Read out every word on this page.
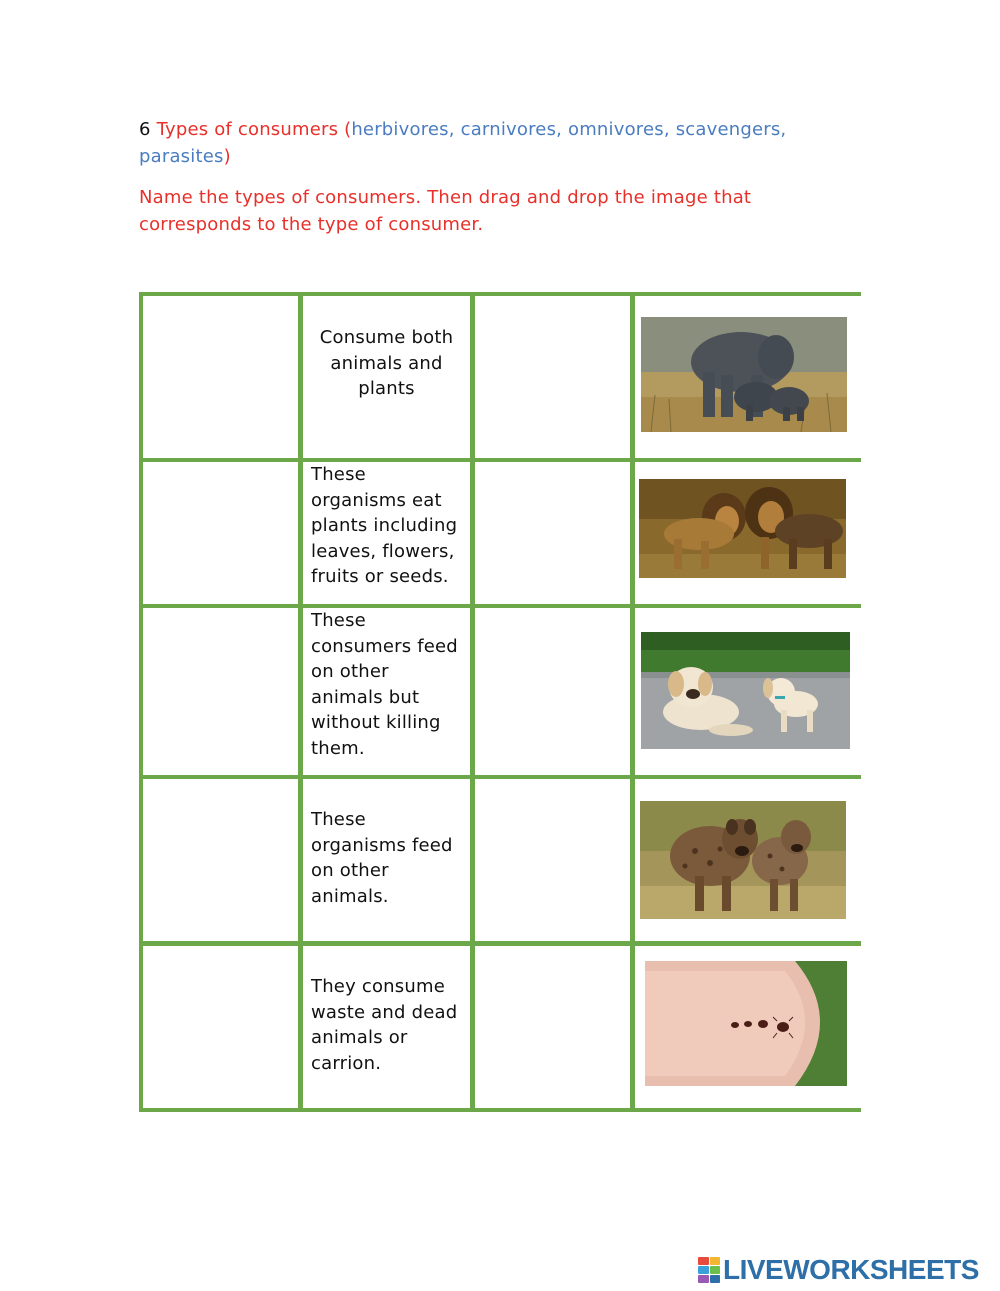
6 Types of consumers (herbivores, carnivores, omnivores, scavengers, parasites)
Name the types of consumers. Then drag and drop the image that corresponds to the type of consumer.
Consume both animals and plants
These organisms eat plants including leaves, flowers, fruits or seeds.
These consumers feed on other animals but without killing them.
These organisms feed on other animals.
They consume waste and dead animals or carrion.
LIVEWORKSHEETS
